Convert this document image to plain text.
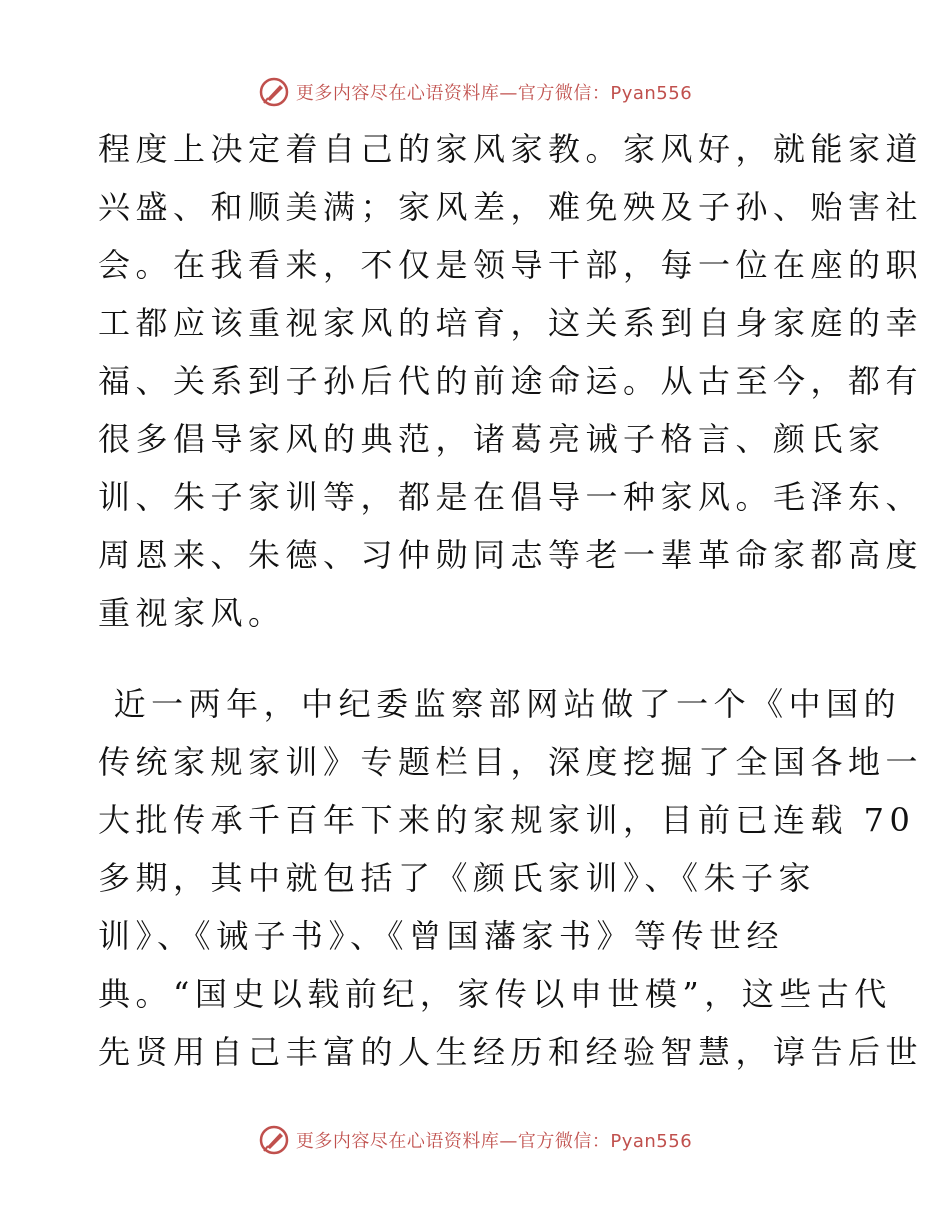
更多内容尽在心语资料库—官方微信：Pyan556
程度上决定着自己的家风家教。家风好，就能家道
兴盛、和顺美满；家风差，难免殃及子孙、贻害社
会。在我看来，不仅是领导干部，每一位在座的职
工都应该重视家风的培育，这关系到自身家庭的幸
福、关系到子孙后代的前途命运。从古至今，都有
很多倡导家风的典范，诸葛亮诫子格言、颜氏家
训、朱子家训等，都是在倡导一种家风。毛泽东、
周恩来、朱德、习仲勋同志等老一辈革命家都高度
重视家风。
近一两年，中纪委监察部网站做了一个《中国的
传统家规家训》专题栏目，深度挖掘了全国各地一
大批传承千百年下来的家规家训，目前已连载 70
多期，其中就包括了《颜氏家训》、《朱子家
训》、《诫子书》、《曾国藩家书》等传世经
典。“国史以载前纪，家传以申世模”，这些古代
先贤用自己丰富的人生经历和经验智慧，谆告后世
更多内容尽在心语资料库—官方微信：Pyan556
